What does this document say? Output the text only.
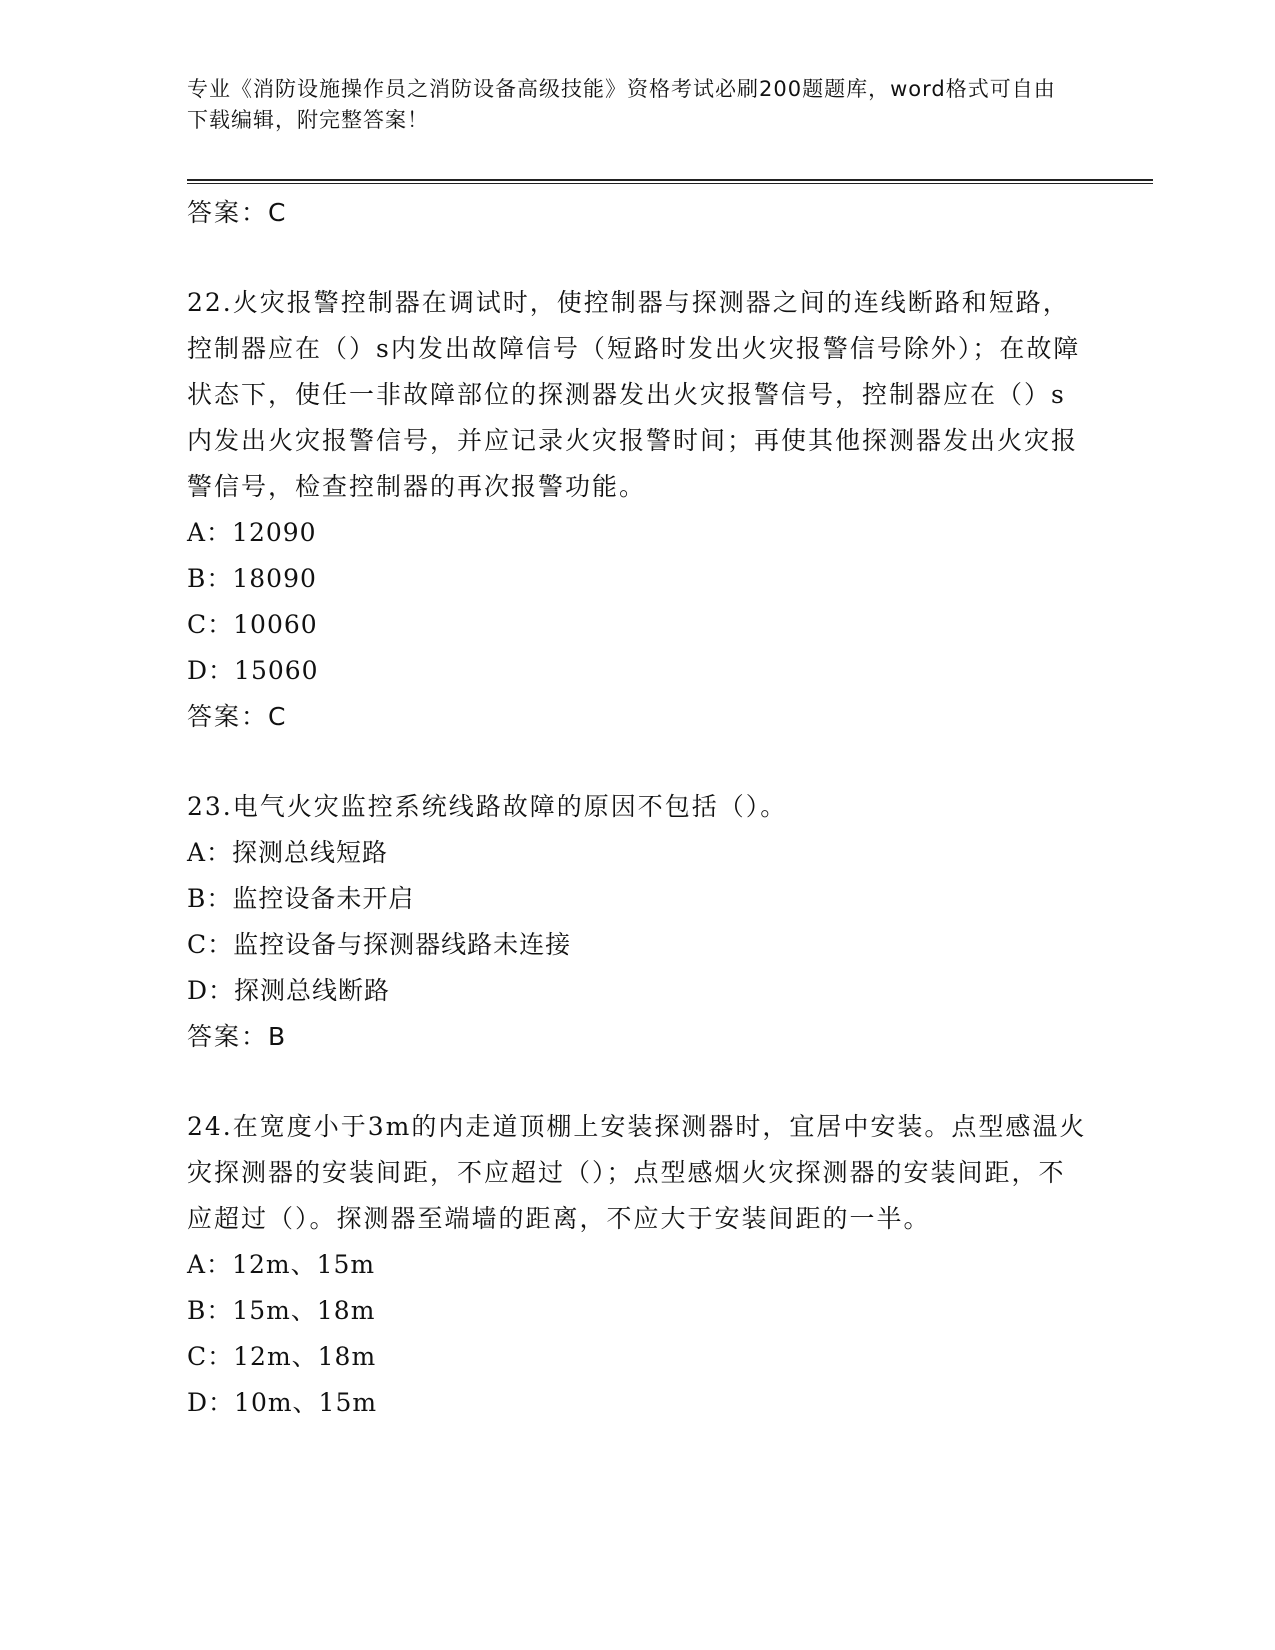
专业《消防设施操作员之消防设备高级技能》资格考试必刷200题题库，word格式可自由下载编辑，附完整答案！

答案：C

22.火灾报警控制器在调试时，使控制器与探测器之间的连线断路和短路，控制器应在（）s内发出故障信号（短路时发出火灾报警信号除外）；在故障状态下，使任一非故障部位的探测器发出火灾报警信号，控制器应在（）s内发出火灾报警信号，并应记录火灾报警时间；再使其他探测器发出火灾报警信号，检查控制器的再次报警功能。

A：12090

B：18090

C：10060

D：15060

答案：C

23.电气火灾监控系统线路故障的原因不包括（）。

A：探测总线短路

B：监控设备未开启

C：监控设备与探测器线路未连接

D：探测总线断路

答案：B

24.在宽度小于3m的内走道顶棚上安装探测器时，宜居中安装。点型感温火灾探测器的安装间距，不应超过（）；点型感烟火灾探测器的安装间距，不应超过（）。探测器至端墙的距离，不应大于安装间距的一半。

A：12m、15m

B：15m、18m

C：12m、18m

D：10m、15m
